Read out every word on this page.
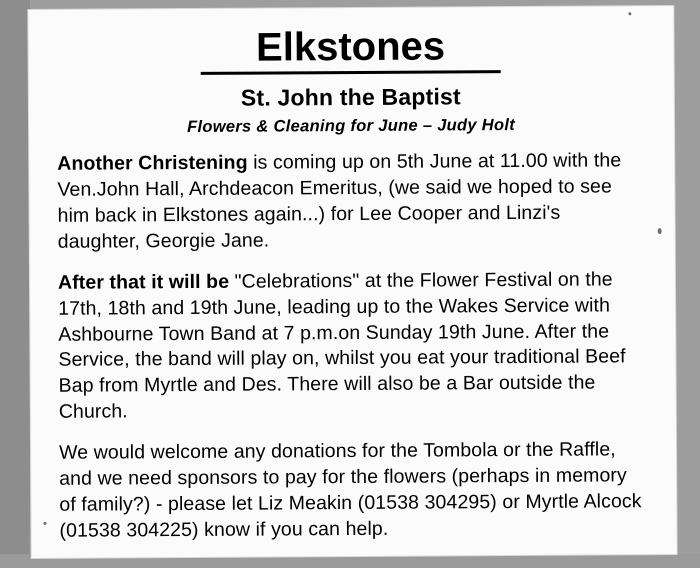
Elkstones
St. John the Baptist
Flowers & Cleaning for June – Judy Holt

Another Christening is coming up on 5th June at 11.00 with the Ven.John Hall, Archdeacon Emeritus, (we said we hoped to see him back in Elkstones again...) for Lee Cooper and Linzi's daughter, Georgie Jane.

After that it will be "Celebrations" at the Flower Festival on the 17th, 18th and 19th June, leading up to the Wakes Service with Ashbourne Town Band at 7 p.m.on Sunday 19th June. After the Service, the band will play on, whilst you eat your traditional Beef Bap from Myrtle and Des. There will also be a Bar outside the Church.

We would welcome any donations for the Tombola or the Raffle, and we need sponsors to pay for the flowers (perhaps in memory of family?) - please let Liz Meakin (01538 304295) or Myrtle Alcock (01538 304225) know if you can help.
